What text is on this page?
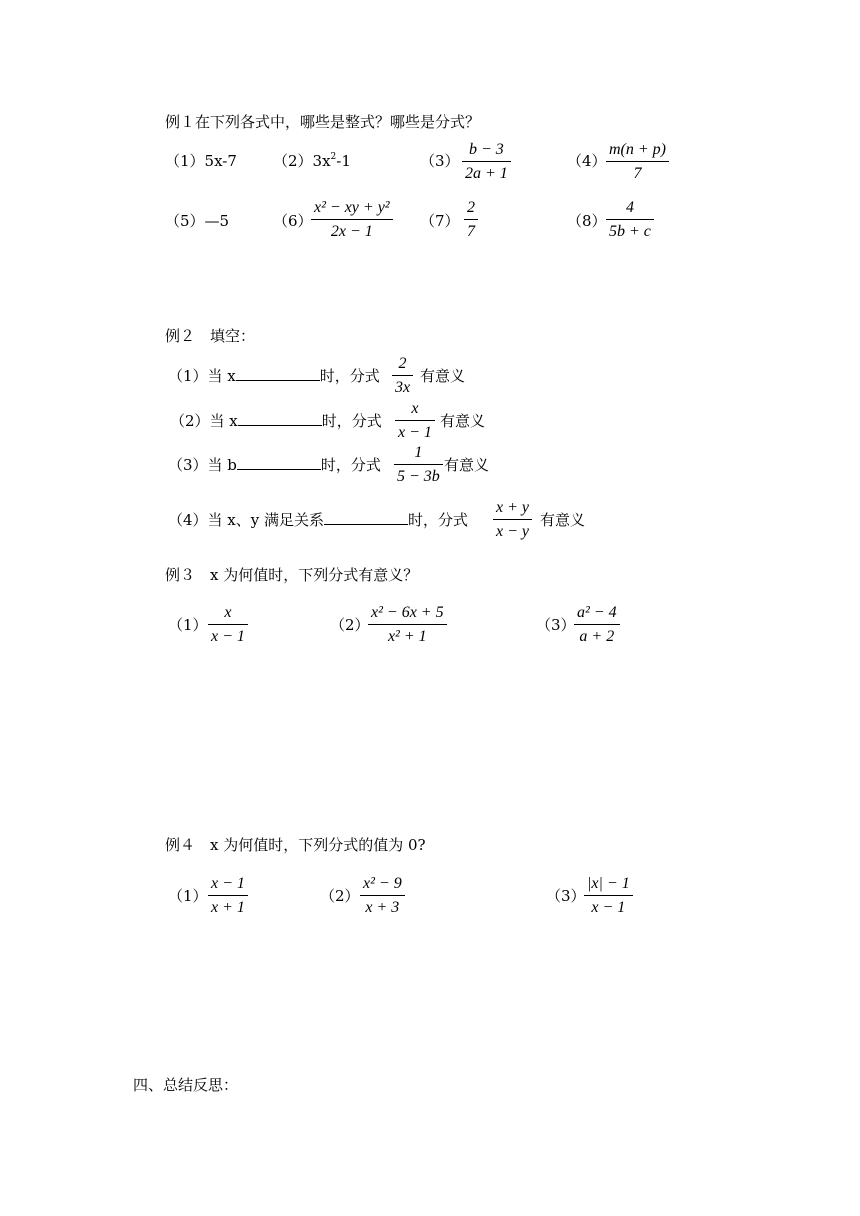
例１在下列各式中，哪些是整式？哪些是分式？
（1）5x-7 $(2)3x^2-1$	（3）
b − 3
2a + 1
（4）
m(n + p)
7
（5）—5	（6）
x² − xy + y²
2x − 1
（7）
2
7
（8）
4
5b + c
例２　填空：
（1）当 x	时，分式
2
3x
有意义
（2）当 x	时，分式
x
x − 1
有意义
（3）当 b	时，分式
1
5 − 3b
有意义
（4）当 x、y 满足关系	时，分式
x + y
x − y
有意义
例３　x 为何值时，下列分式有意义？
（1）
x
x − 1
（2）
x² − 6x + 5
x² + 1
（3）
a² − 4
a + 2
例４　x 为何值时，下列分式的值为 0?
（1）
x − 1
x + 1
（2）
x² − 9
x + 3
（3）
|x| − 1
x − 1
四、总结反思：
